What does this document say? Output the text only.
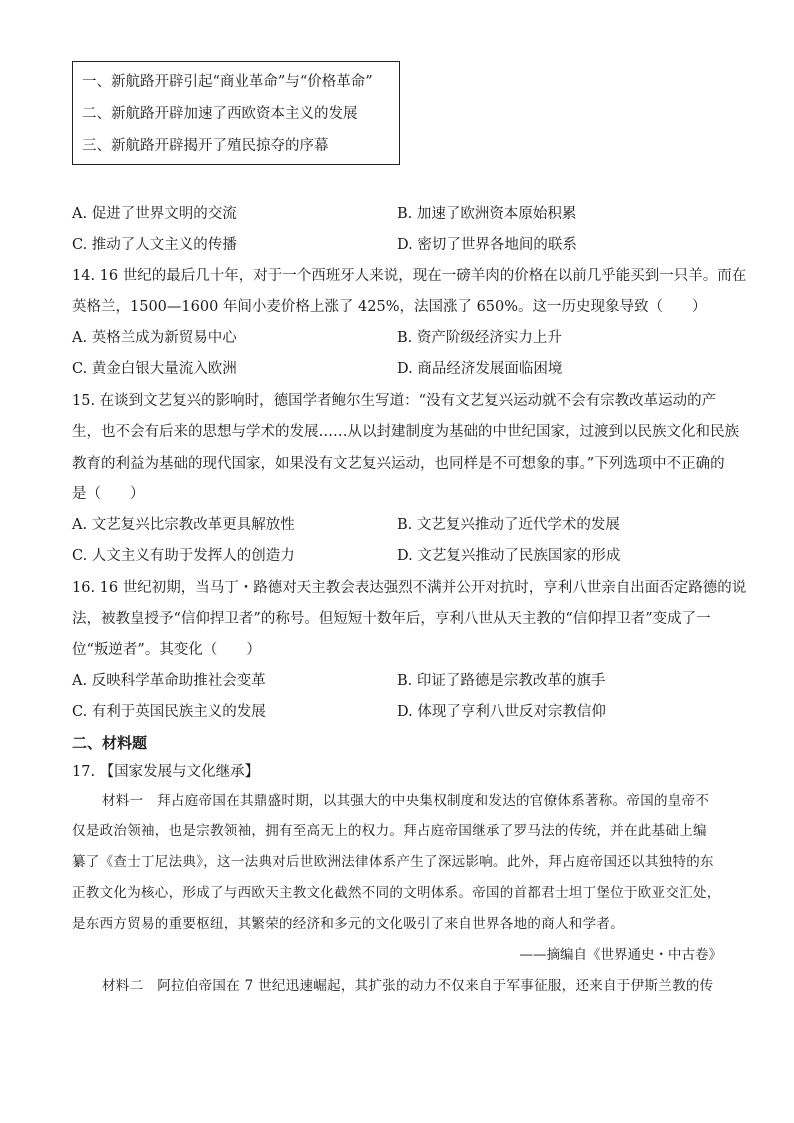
一、新航路开辟引起“商业革命”与“价格革命”
二、新航路开辟加速了西欧资本主义的发展
三、新航路开辟揭开了殖民掠夺的序幕
A. 促进了世界文明的交流	B. 加速了欧洲资本原始积累
C. 推动了人文主义的传播	D. 密切了世界各地间的联系
14. 16 世纪的最后几十年，对于一个西班牙人来说，现在一磅羊肉的价格在以前几乎能买到一只羊。而在
英格兰，1500—1600 年间小麦价格上涨了 425%，法国涨了 650%。这一历史现象导致（　　）
A. 英格兰成为新贸易中心	B. 资产阶级经济实力上升
C. 黄金白银大量流入欧洲	D. 商品经济发展面临困境
15. 在谈到文艺复兴的影响时，德国学者鲍尔生写道：“没有文艺复兴运动就不会有宗教改革运动的产
生，也不会有后来的思想与学术的发展……从以封建制度为基础的中世纪国家，过渡到以民族文化和民族
教育的利益为基础的现代国家，如果没有文艺复兴运动，也同样是不可想象的事。”下列选项中不正确的
是（　　）
A. 文艺复兴比宗教改革更具解放性	B. 文艺复兴推动了近代学术的发展
C. 人文主义有助于发挥人的创造力	D. 文艺复兴推动了民族国家的形成
16. 16 世纪初期，当马丁・路德对天主教会表达强烈不满并公开对抗时，亨利八世亲自出面否定路德的说
法，被教皇授予“信仰捍卫者”的称号。但短短十数年后，亨利八世从天主教的“信仰捍卫者”变成了一
位“叛逆者”。其变化（　　）
A. 反映科学革命助推社会变革	B. 印证了路德是宗教改革的旗手
C. 有利于英国民族主义的发展	D. 体现了亨利八世反对宗教信仰
二、材料题
17. 【国家发展与文化继承】
材料一　拜占庭帝国在其鼎盛时期，以其强大的中央集权制度和发达的官僚体系著称。帝国的皇帝不
仅是政治领袖，也是宗教领袖，拥有至高无上的权力。拜占庭帝国继承了罗马法的传统，并在此基础上编
纂了《查士丁尼法典》，这一法典对后世欧洲法律体系产生了深远影响。此外，拜占庭帝国还以其独特的东
正教文化为核心，形成了与西欧天主教文化截然不同的文明体系。帝国的首都君士坦丁堡位于欧亚交汇处，
是东西方贸易的重要枢纽，其繁荣的经济和多元的文化吸引了来自世界各地的商人和学者。
——摘编自《世界通史・中古卷》
材料二　阿拉伯帝国在 7 世纪迅速崛起，其扩张的动力不仅来自于军事征服，还来自于伊斯兰教的传
